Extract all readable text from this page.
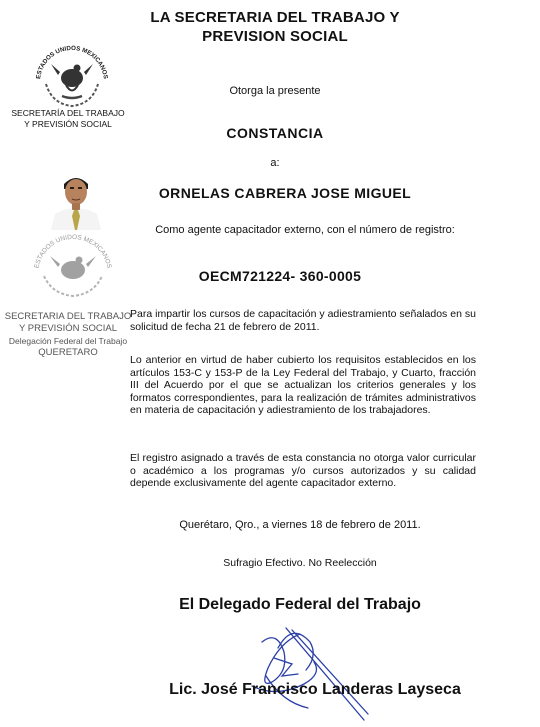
LA SECRETARIA DEL TRABAJO Y
PREVISION SOCIAL
ESTADOS UNIDOS MEXICANOS
SECRETARÍA DEL TRABAJO
Y PREVISIÓN SOCIAL
Otorga la presente
CONSTANCIA
a:
ORNELAS CABRERA JOSE MIGUEL
ESTADOS UNIDOS MEXICANOS
SECRETARIA DEL TRABAJO
Y PREVISIÓN SOCIAL
Delegación Federal del Trabajo
QUERETARO
Como agente capacitador externo, con el número de registro:
OECM721224- 360-0005
Para impartir los cursos de capacitación y adiestramiento señalados en su solicitud de fecha 21 de febrero de 2011.
Lo anterior en virtud de haber cubierto los requisitos establecidos en los artículos 153-C y 153-P de la Ley Federal del Trabajo, y Cuarto, fracción III del Acuerdo por el que se actualizan los criterios generales y los formatos correspondientes, para la realización de trámites administrativos en materia de capacitación y adiestramiento de los trabajadores.
El registro asignado a través de esta constancia no otorga valor curricular o académico a los programas y/o cursos autorizados y su calidad depende exclusivamente del agente capacitador externo.
Querétaro, Qro., a viernes 18 de febrero de 2011.
Sufragio Efectivo. No Reelección
El Delegado Federal del Trabajo
Lic. José Francisco Landeras Layseca
